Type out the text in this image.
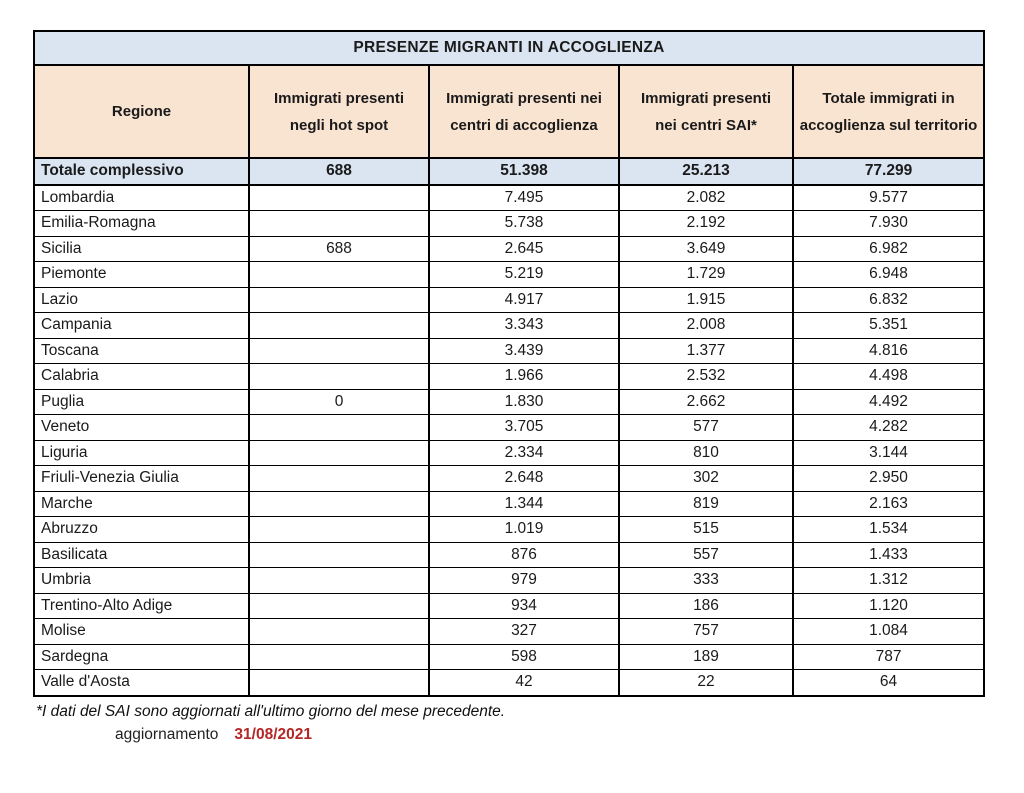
PRESENZE MIGRANTI IN ACCOGLIENZA				
Regione	Immigrati presenti negli hot spot	Immigrati presenti nei centri di accoglienza	Immigrati presenti nei centri SAI*	Totale immigrati in accoglienza sul territorio
Totale complessivo	688	51.398	25.213	77.299
Lombardia		7.495	2.082	9.577
Emilia-Romagna		5.738	2.192	7.930
Sicilia	688	2.645	3.649	6.982
Piemonte		5.219	1.729	6.948
Lazio		4.917	1.915	6.832
Campania		3.343	2.008	5.351
Toscana		3.439	1.377	4.816
Calabria		1.966	2.532	4.498
Puglia	0	1.830	2.662	4.492
Veneto		3.705	577	4.282
Liguria		2.334	810	3.144
Friuli-Venezia Giulia		2.648	302	2.950
Marche		1.344	819	2.163
Abruzzo		1.019	515	1.534
Basilicata		876	557	1.433
Umbria		979	333	1.312
Trentino-Alto Adige		934	186	1.120
Molise		327	757	1.084
Sardegna		598	189	787
Valle d'Aosta		42	22	64
*I dati del SAI sono aggiornati all'ultimo giorno del mese precedente.
aggiornamento 31/08/2021
